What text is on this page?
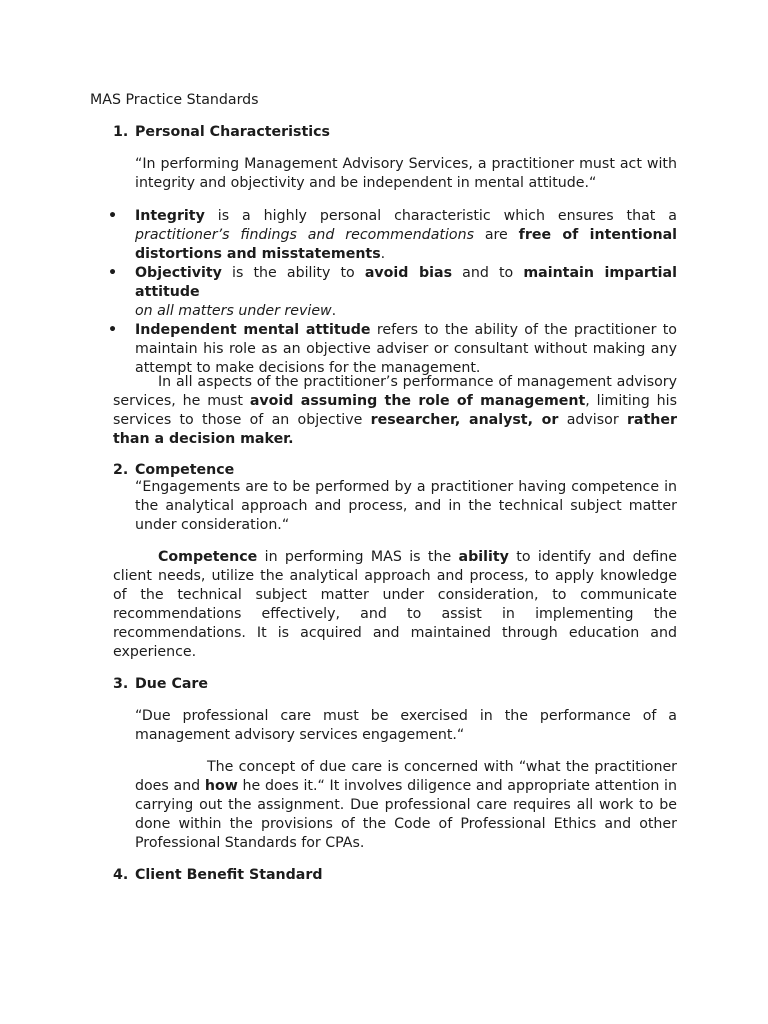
MAS Practice Standards
1. Personal Characteristics
“In performing Management Advisory Services, a practitioner must act with integrity and objectivity and be independent in mental attitude.“
• Integrity is a highly personal characteristic which ensures that a practitioner’s findings and recommendations are free of intentional distortions and misstatements.
• Objectivity is the ability to avoid bias and to maintain impartial attitude
on all matters under review.
• Independent mental attitude refers to the ability of the practitioner to maintain his role as an objective adviser or consultant without making any attempt to make decisions for the management.
In all aspects of the practitioner’s performance of management advisory services, he must avoid assuming the role of management, limiting his services to those of an objective researcher, analyst, or advisor rather than a decision maker.
2. Competence
“Engagements are to be performed by a practitioner having competence in the analytical approach and process, and in the technical subject matter under consideration.“
Competence in performing MAS is the ability to identify and define client needs, utilize the analytical approach and process, to apply knowledge of the technical subject matter under consideration, to communicate recommendations effectively, and to assist in implementing the recommendations. It is acquired and maintained through education and experience.
3. Due Care
“Due professional care must be exercised in the performance of a management advisory services engagement.“
The concept of due care is concerned with “what the practitioner does and how he does it.“ It involves diligence and appropriate attention in carrying out the assignment. Due professional care requires all work to be done within the provisions of the Code of Professional Ethics and other Professional Standards for CPAs.
4. Client Benefit Standard
